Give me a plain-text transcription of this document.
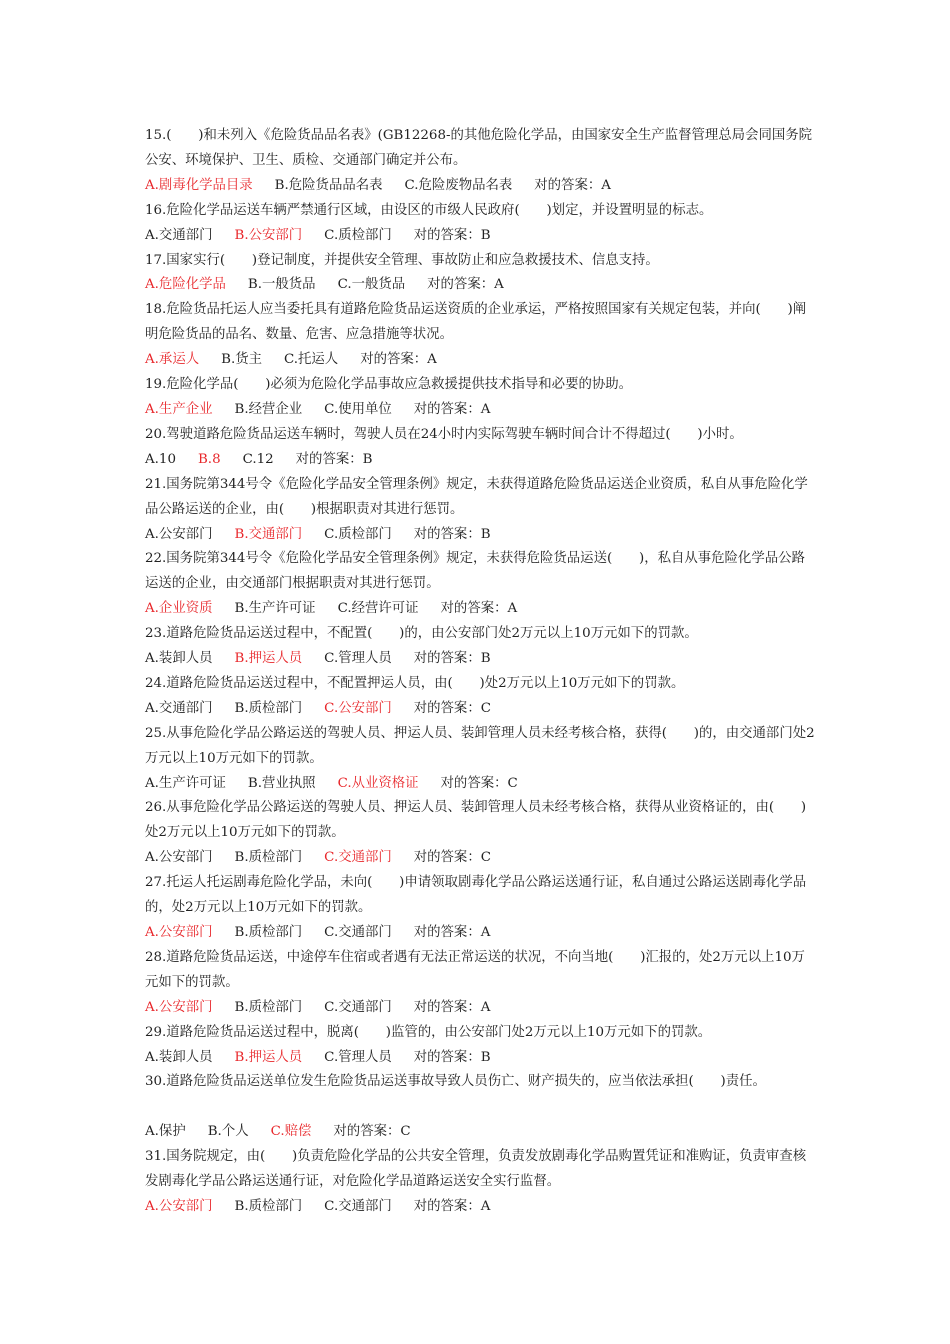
15.(　　)和未列入《危险货品品名表》(GB12268-的其他危险化学品，由国家安全生产监督管理总局会同国务院公安、环境保护、卫生、质检、交通部门确定并公布。
A.剧毒化学品目录 B.危险货品品名表 C.危险废物品名表 对的答案：A
16.危险化学品运送车辆严禁通行区域，由设区的市级人民政府(　　)划定，并设置明显的标志。
A.交通部门 B.公安部门 C.质检部门 对的答案：B
17.国家实行(　　)登记制度，并提供安全管理、事故防止和应急救援技术、信息支持。
A.危险化学品 B.一般货品 C.一般货品 对的答案：A
18.危险货品托运人应当委托具有道路危险货品运送资质的企业承运，严格按照国家有关规定包装，并向(　　)阐明危险货品的品名、数量、危害、应急措施等状况。
A.承运人 B.货主 C.托运人 对的答案：A
19.危险化学品(　　)必须为危险化学品事故应急救援提供技术指导和必要的协助。
A.生产企业 B.经营企业 C.使用单位 对的答案：A
20.驾驶道路危险货品运送车辆时，驾驶人员在24小时内实际驾驶车辆时间合计不得超过(　　)小时。
A.10 B.8 C.12 对的答案：B
21.国务院第344号令《危险化学品安全管理条例》规定，未获得道路危险货品运送企业资质，私自从事危险化学品公路运送的企业，由(　　)根据职责对其进行惩罚。
A.公安部门 B.交通部门 C.质检部门 对的答案：B
22.国务院第344号令《危险化学品安全管理条例》规定，未获得危险货品运送(　　)，私自从事危险化学品公路运送的企业，由交通部门根据职责对其进行惩罚。
A.企业资质 B.生产许可证 C.经营许可证 对的答案：A
23.道路危险货品运送过程中，不配置(　　)的，由公安部门处2万元以上10万元如下的罚款。
A.装卸人员 B.押运人员 C.管理人员 对的答案：B
24.道路危险货品运送过程中，不配置押运人员，由(　　)处2万元以上10万元如下的罚款。
A.交通部门 B.质检部门 C.公安部门 对的答案：C
25.从事危险化学品公路运送的驾驶人员、押运人员、装卸管理人员未经考核合格，获得(　　)的，由交通部门处2万元以上10万元如下的罚款。
A.生产许可证 B.营业执照 C.从业资格证 对的答案：C
26.从事危险化学品公路运送的驾驶人员、押运人员、装卸管理人员未经考核合格，获得从业资格证的，由(　　)处2万元以上10万元如下的罚款。
A.公安部门 B.质检部门 C.交通部门 对的答案：C
27.托运人托运剧毒危险化学品，未向(　　)申请领取剧毒化学品公路运送通行证，私自通过公路运送剧毒化学品的，处2万元以上10万元如下的罚款。
A.公安部门 B.质检部门 C.交通部门 对的答案：A
28.道路危险货品运送，中途停车住宿或者遇有无法正常运送的状况，不向当地(　　)汇报的，处2万元以上10万元如下的罚款。
A.公安部门 B.质检部门 C.交通部门 对的答案：A
29.道路危险货品运送过程中，脱离(　　)监管的，由公安部门处2万元以上10万元如下的罚款。
A.装卸人员 B.押运人员 C.管理人员 对的答案：B
30.道路危险货品运送单位发生危险货品运送事故导致人员伤亡、财产损失的，应当依法承担(　　)责任。
A.保护 B.个人 C.赔偿 对的答案：C
31.国务院规定，由(　　)负责危险化学品的公共安全管理，负责发放剧毒化学品购置凭证和准购证，负责审查核发剧毒化学品公路运送通行证，对危险化学品道路运送安全实行监督。
A.公安部门 B.质检部门 C.交通部门 对的答案：A
